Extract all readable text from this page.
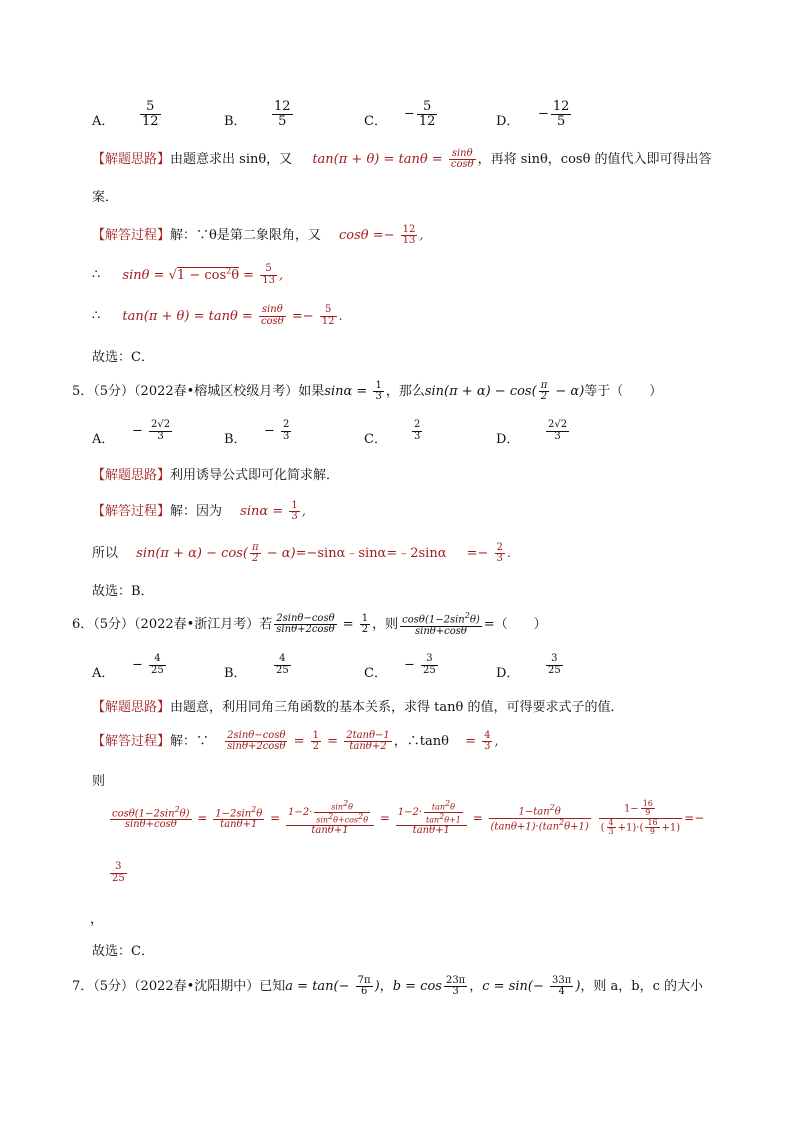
A． $\frac{5}{12}$	B． $\frac{12}{5}$	C． − $\frac{5}{12}$	D． − $\frac{12}{5}$
【解题思路】由题意求出 sinθ，又 $\tan(\pi + \theta) = \tan\theta = \frac{\sin\theta}{\cos\theta}$ ，再将 sinθ，cosθ 的值代入即可得出答
案．
【解答过程】解：∵θ是第二象限角，又 $\cos\theta =- \frac{12}{13}$ ,
∴ $\sin\theta = √1 - \cos^2\theta = \frac{5}{13}$ ,
∴ $\tan(\pi + \theta) = \tan\theta = \frac{\sin\theta}{\cos\theta} =- \frac{5}{12}$ .
故选：C．
5．（5分）（2022春•榕城区校级月考）如果$\sin\alpha = \frac{1}{3}$ ，那么$\sin(\pi + \alpha) - \cos( \frac{\pi}{2} - \alpha)$等于（　　）
A．
− $\frac{2√2}{3}$	B．
− $\frac{2}{3}$	C．	$\frac{2}{3}$	D．	$\frac{2√2}{3}$
【解题思路】利用诱导公式即可化简求解．
【解答过程】解：因为 $\sin\alpha = \frac{1}{3}$ ,
所以 $\sin(\pi + \alpha) - \cos( \frac{\pi}{2}$ − α)=−sinα﹣sinα=﹣2sinα =− $\frac{2}{3}$ .
故选：B．
6．（5分）（2022春•浙江月考）若 $\frac{2\sin\theta-\cos\theta}{\sin\theta+2\cos\theta} = \frac{1}{2}$ ，则 $\frac{\cos\theta(1-2\sin^2\theta)}{\sin\theta+\cos\theta}$ =（　　）
A．
− $\frac{4}{25}$	B．	$\frac{4}{25}$	C．
− $\frac{3}{25}$	D．	$\frac{3}{25}$
【解题思路】由题意，利用同角三角函数的基本关系，求得 tanθ 的值，可得要求式子的值．
【解答过程】解：∵ $\frac{2\sin\theta-\cos\theta}{\sin\theta+2\cos\theta} = \frac{1}{2} = \frac{2\tan\theta-1}{\tan\theta+2}$ ，∴tanθ = $\frac{4}{3}$ ,
则
$\frac{\cos\theta(1-2\sin^2\theta)}{\sin\theta+\cos\theta} = \frac{1-2\sin^2\theta}{\tan\theta+1} = \frac{1-2\cdot \frac{\sin^2\theta}{\sin^2\theta+\cos^2\theta}}{\tan\theta+1} = \frac{1-2\cdot \frac{\tan^2\theta}{\tan^2\theta+1}}{\tan\theta+1} = \frac{1-\tan^2\theta}{(\tan\theta+1)\cdot(\tan^2\theta+1)}$
$\frac{1- \frac{16}{9}}{( \frac{4}{3} +1)\cdot( \frac{16}{9} +1)}$ =−
$\frac{3}{25}$
，
故选：C．
7．（5分）（2022春•沈阳期中）已知$a = \tan(- \frac{7\pi}{6}$ )，$b = \cos \frac{23\pi}{3}$ ，$c = \sin(- \frac{33\pi}{4}$ )，则 a，b，c 的大小
